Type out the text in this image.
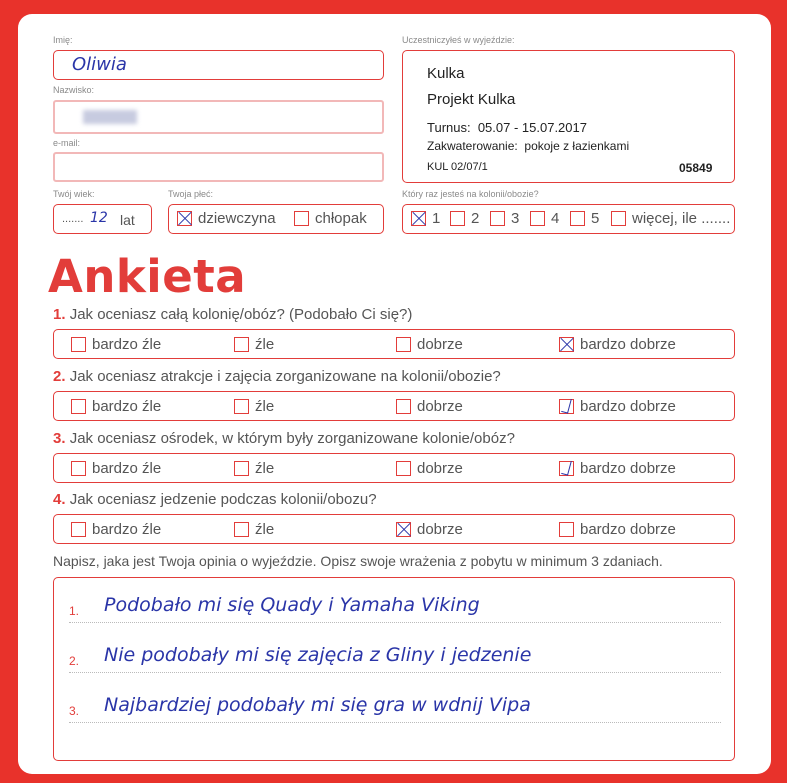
Imię:
Oliwia
Nazwisko:
e-mail:
Twój wiek:
....... 12 lat
Twoja płeć:
dziewczyna	chłopak
Uczestniczyłeś w wyjeździe:
Kulka
Projekt Kulka
Turnus: 05.07 - 15.07.2017
Zakwaterowanie: pokoje z łazienkami
KUL 02/07/1	05849
Który raz jesteś na kolonii/obozie?
1	2	3	4	5	więcej, ile .......
Ankieta
1. Jak oceniasz całą kolonię/obóz? (Podobało Ci się?)
bardzo źle	źle	dobrze	bardzo dobrze
2. Jak oceniasz atrakcje i zajęcia zorganizowane na kolonii/obozie?
bardzo źle	źle	dobrze	bardzo dobrze
3. Jak oceniasz ośrodek, w którym były zorganizowane kolonie/obóz?
bardzo źle	źle	dobrze	bardzo dobrze
4. Jak oceniasz jedzenie podczas kolonii/obozu?
bardzo źle	źle	dobrze	bardzo dobrze
Napisz, jaka jest Twoja opinia o wyjeździe. Opisz swoje wrażenia z pobytu w minimum 3 zdaniach.
1. Podobało mi się Quady i Yamaha Viking
2. Nie podobały mi się zajęcia z Gliny i jedzenie
3. Najbardziej podobały mi się gra w wdnij Vipa
